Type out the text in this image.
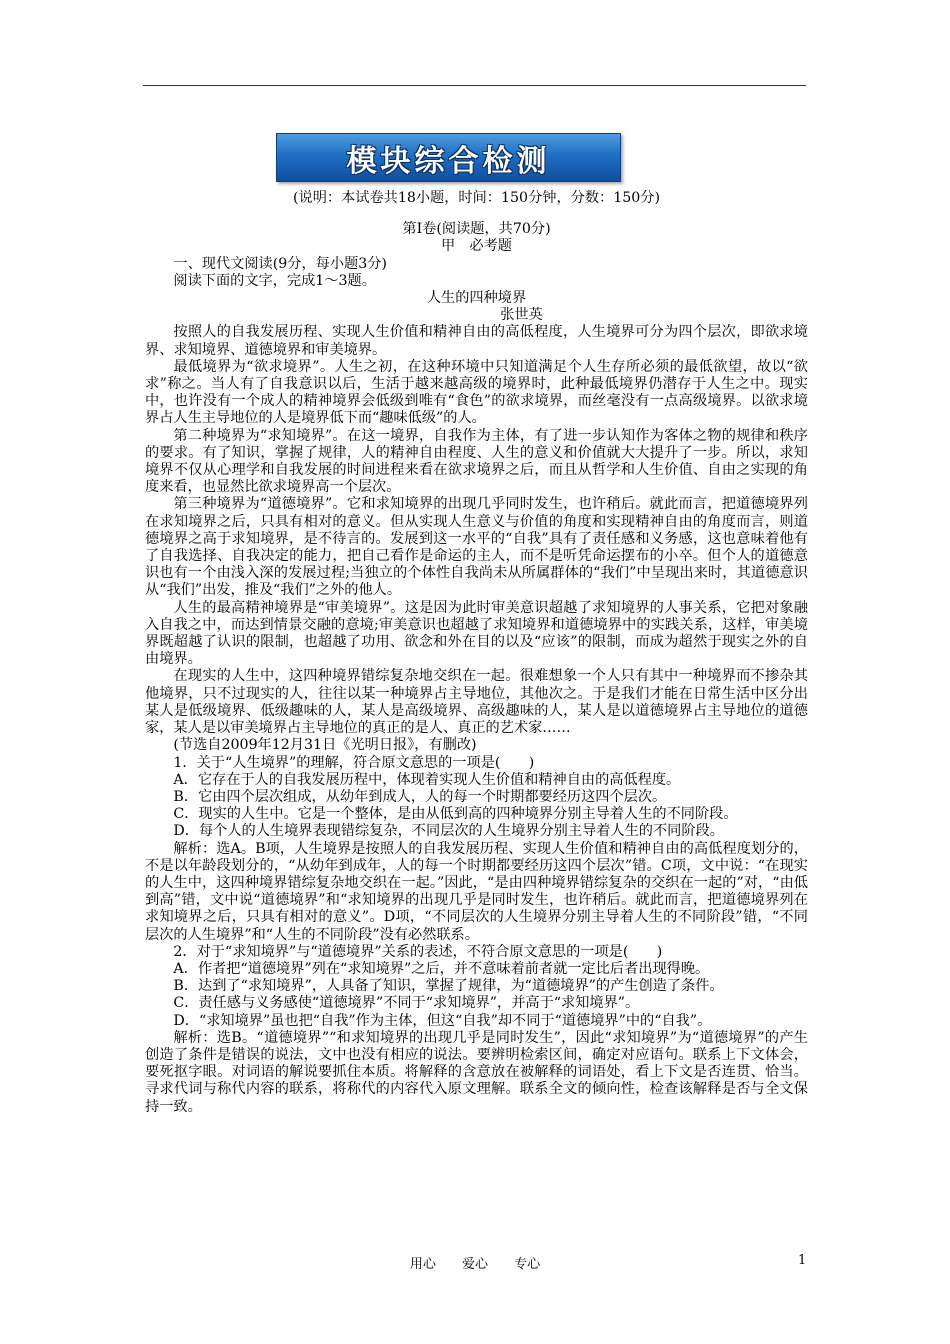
模块综合检测

(说明：本试卷共18小题，时间：150分钟，分数：150分)

第Ⅰ卷(阅读题，共70分)

甲　必考题

一、现代文阅读(9分，每小题3分)

阅读下面的文字，完成1～3题。

人生的四种境界

张世英

按照人的自我发展历程、实现人生价值和精神自由的高低程度，人生境界可分为四个层次，即欲求境界、求知境界、道德境界和审美境界。

最低境界为“欲求境界”。人生之初，在这种环境中只知道满足个人生存所必须的最低欲望，故以“欲求”称之。当人有了自我意识以后，生活于越来越高级的境界时，此种最低境界仍潜存于人生之中。现实中，也许没有一个成人的精神境界会低级到唯有“食色”的欲求境界，而丝毫没有一点高级境界。以欲求境界占人生主导地位的人是境界低下而“趣味低级”的人。

第二种境界为“求知境界”。在这一境界，自我作为主体，有了进一步认知作为客体之物的规律和秩序的要求。有了知识，掌握了规律，人的精神自由程度、人生的意义和价值就大大提升了一步。所以，求知境界不仅从心理学和自我发展的时间进程来看在欲求境界之后，而且从哲学和人生价值、自由之实现的角度来看，也显然比欲求境界高一个层次。

第三种境界为“道德境界”。它和求知境界的出现几乎同时发生，也许稍后。就此而言，把道德境界列在求知境界之后，只具有相对的意义。但从实现人生意义与价值的角度和实现精神自由的角度而言，则道德境界之高于求知境界，是不待言的。发展到这一水平的“自我”具有了责任感和义务感，这也意味着他有了自我选择、自我决定的能力，把自己看作是命运的主人，而不是听凭命运摆布的小卒。但个人的道德意识也有一个由浅入深的发展过程;当独立的个体性自我尚未从所属群体的“我们”中呈现出来时，其道德意识从“我们”出发，推及“我们”之外的他人。

人生的最高精神境界是“审美境界”。这是因为此时审美意识超越了求知境界的人事关系，它把对象融入自我之中，而达到情景交融的意境;审美意识也超越了求知境界和道德境界中的实践关系，这样，审美境界既超越了认识的限制，也超越了功用、欲念和外在目的以及“应该”的限制，而成为超然于现实之外的自由境界。

在现实的人生中，这四种境界错综复杂地交织在一起。很难想象一个人只有其中一种境界而不掺杂其他境界，只不过现实的人，往往以某一种境界占主导地位，其他次之。于是我们才能在日常生活中区分出某人是低级境界、低级趣味的人，某人是高级境界、高级趣味的人，某人是以道德境界占主导地位的道德家，某人是以审美境界占主导地位的真正的是人、真正的艺术家……

(节选自2009年12月31日《光明日报》，有删改)

1．关于“人生境界”的理解，符合原文意思的一项是(　　)

A．它存在于人的自我发展历程中，体现着实现人生价值和精神自由的高低程度。

B．它由四个层次组成，从幼年到成人，人的每一个时期都要经历这四个层次。

C．现实的人生中。它是一个整体，是由从低到高的四种境界分别主导着人生的不同阶段。

D．每个人的人生境界表现错综复杂，不同层次的人生境界分别主导着人生的不同阶段。

解析：选A。B项，人生境界是按照人的自我发展历程、实现人生价值和精神自由的高低程度划分的，不是以年龄段划分的，“从幼年到成年，人的每一个时期都要经历这四个层次”错。C项，文中说：“在现实的人生中，这四种境界错综复杂地交织在一起。”因此，“是由四种境界错综复杂的交织在一起的”对，“由低到高”错，文中说“道德境界”和“求知境界的出现几乎是同时发生，也许稍后。就此而言，把道德境界列在求知境界之后，只具有相对的意义”。D项，“不同层次的人生境界分别主导着人生的不同阶段”错，“不同层次的人生境界”和“人生的不同阶段”没有必然联系。

2．对于“求知境界”与“道德境界”关系的表述，不符合原文意思的一项是(　　)

A．作者把“道德境界”列在“求知境界”之后，并不意味着前者就一定比后者出现得晚。

B．达到了“求知境界”，人具备了知识，掌握了规律，为“道德境界”的产生创造了条件。

C．责任感与义务感使“道德境界”不同于“求知境界”，并高于“求知境界”。

D．“求知境界”虽也把“自我”作为主体，但这“自我”却不同于“道德境界”中的“自我”。

解析：选B。“道德境界”“和求知境界的出现几乎是同时发生”，因此“求知境界”为“道德境界”的产生创造了条件是错误的说法，文中也没有相应的说法。要辨明检索区间，确定对应语句。联系上下文体会，要死抠字眼。对词语的解说要抓住本质。将解释的含意放在被解释的词语处，看上下文是否连贯、恰当。寻求代词与称代内容的联系，将称代的内容代入原文理解。联系全文的倾向性，检查该解释是否与全文保持一致。

用心 爱心 专心	1
